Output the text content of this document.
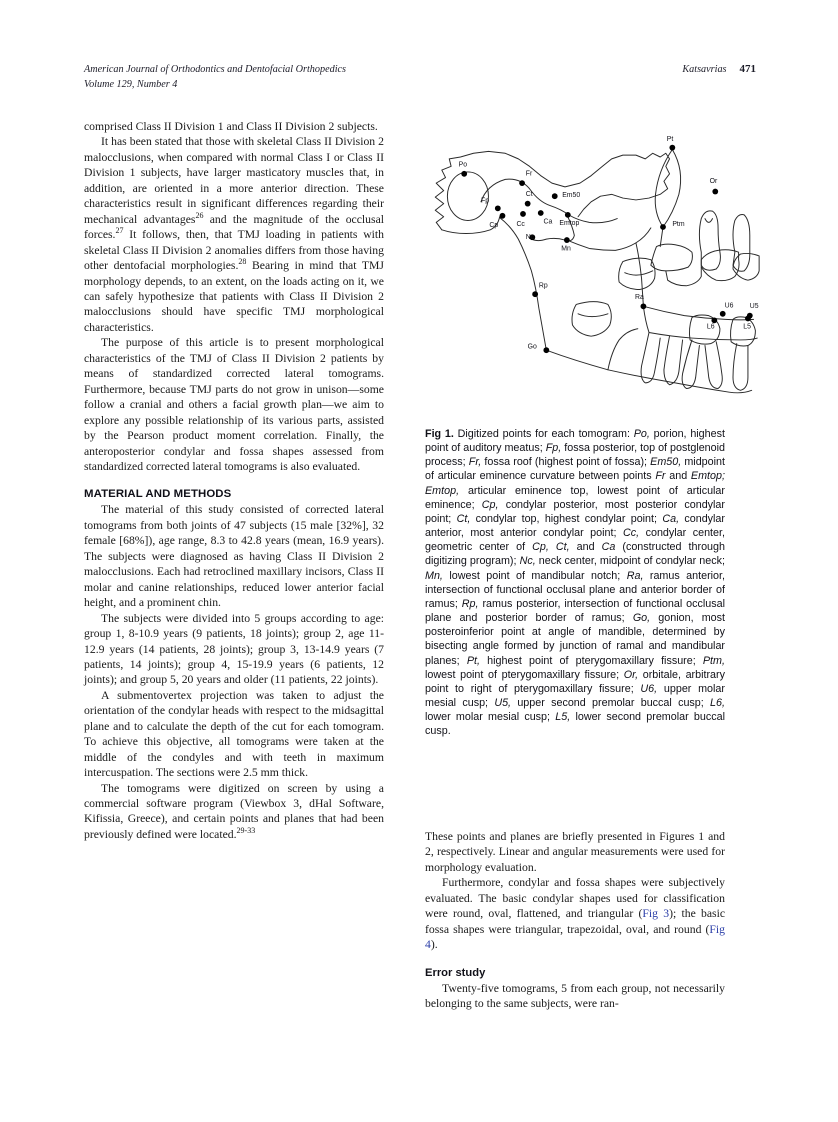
American Journal of Orthodontics and Dentofacial Orthopedics	Katsavrias 471
Volume 129, Number 4

comprised Class II Division 1 and Class II Division 2 subjects.

It has been stated that those with skeletal Class II Division 2 malocclusions, when compared with normal Class I or Class II Division 1 subjects, have larger masticatory muscles that, in addition, are oriented in a more anterior direction. These characteristics result in significant differences regarding their mechanical advantages$^{26}$ and the magnitude of the occlusal forces.$^{27}$ It follows, then, that TMJ loading in patients with skeletal Class II Division 2 anomalies differs from those having other dentofacial morphologies.$^{28}$ Bearing in mind that TMJ morphology depends, to an extent, on the loads acting on it, we can safely hypothesize that patients with Class II Division 2 malocclusions should have specific TMJ morphological characteristics.

The purpose of this article is to present morphological characteristics of the TMJ of Class II Division 2 patients by means of standardized corrected lateral tomograms. Furthermore, because TMJ parts do not grow in unison—some follow a cranial and others a facial growth plan—we aim to explore any possible relationship of its various parts, assisted by the Pearson product moment correlation. Finally, the anteroposterior condylar and fossa shapes assessed from standardized corrected lateral tomograms is also evaluated.

MATERIAL AND METHODS

The material of this study consisted of corrected lateral tomograms from both joints of 47 subjects (15 male [32%], 32 female [68%]), age range, 8.3 to 42.8 years (mean, 16.9 years). The subjects were diagnosed as having Class II Division 2 malocclusions. Each had retroclined maxillary incisors, Class II molar and canine relationships, reduced lower anterior facial height, and a prominent chin.

The subjects were divided into 5 groups according to age: group 1, 8-10.9 years (9 patients, 18 joints); group 2, age 11-12.9 years (14 patients, 28 joints); group 3, 13-14.9 years (7 patients, 14 joints); group 4, 15-19.9 years (6 patients, 12 joints); and group 5, 20 years and older (11 patients, 22 joints).

A submentovertex projection was taken to adjust the orientation of the condylar heads with respect to the midsagittal plane and to calculate the depth of the cut for each tomogram. To achieve this objective, all tomograms were taken at the middle of the condyles and with teeth in maximum intercuspation. The sections were 2.5 mm thick.

The tomograms were digitized on screen by using a commercial software program (Viewbox 3, dHal Software, Kifissia, Greece), and certain points and planes that had been previously defined were located.$^{29-33}$

Po
Fr
Fp
Ct	Em50
Cp Cc	Ca Emtop
Nc
Mn
Pt
Or
Ptm
Rp
Ra
Go
U6 U5
L6	L5
Fig 1. Digitized points for each tomogram: Po, porion, highest point of auditory meatus; Fp, fossa posterior, top of postglenoid process; Fr, fossa roof (highest point of fossa); Em50, midpoint of articular eminence curvature between points Fr and Emtop; Emtop, articular eminence top, lowest point of articular eminence; Cp, condylar posterior, most posterior condylar point; Ct, condylar top, highest condylar point; Ca, condylar anterior, most anterior condylar point; Cc, condylar center, geometric center of Cp, Ct, and Ca (constructed through digitizing program); Nc, neck center, midpoint of condylar neck; Mn, lowest point of mandibular notch; Ra, ramus anterior, intersection of functional occlusal plane and anterior border of ramus; Rp, ramus posterior, intersection of functional occlusal plane and posterior border of ramus; Go, gonion, most posteroinferior point at angle of mandible, determined by bisecting angle formed by junction of ramal and mandibular planes; Pt, highest point of pterygomaxillary fissure; Ptm, lowest point of pterygomaxillary fissure; Or, orbitale, arbitrary point to right of pterygomaxillary fissure; U6, upper molar mesial cusp; U5, upper second premolar buccal cusp; L6, lower molar mesial cusp; L5, lower second premolar buccal cusp.

These points and planes are briefly presented in Figures 1 and 2, respectively. Linear and angular measurements were used for morphology evaluation.

Furthermore, condylar and fossa shapes were subjectively evaluated. The basic condylar shapes used for classification were round, oval, flattened, and triangular (Fig 3); the basic fossa shapes were triangular, trapezoidal, oval, and round (Fig 4).

Error study

Twenty-five tomograms, 5 from each group, not necessarily belonging to the same subjects, were ran-
